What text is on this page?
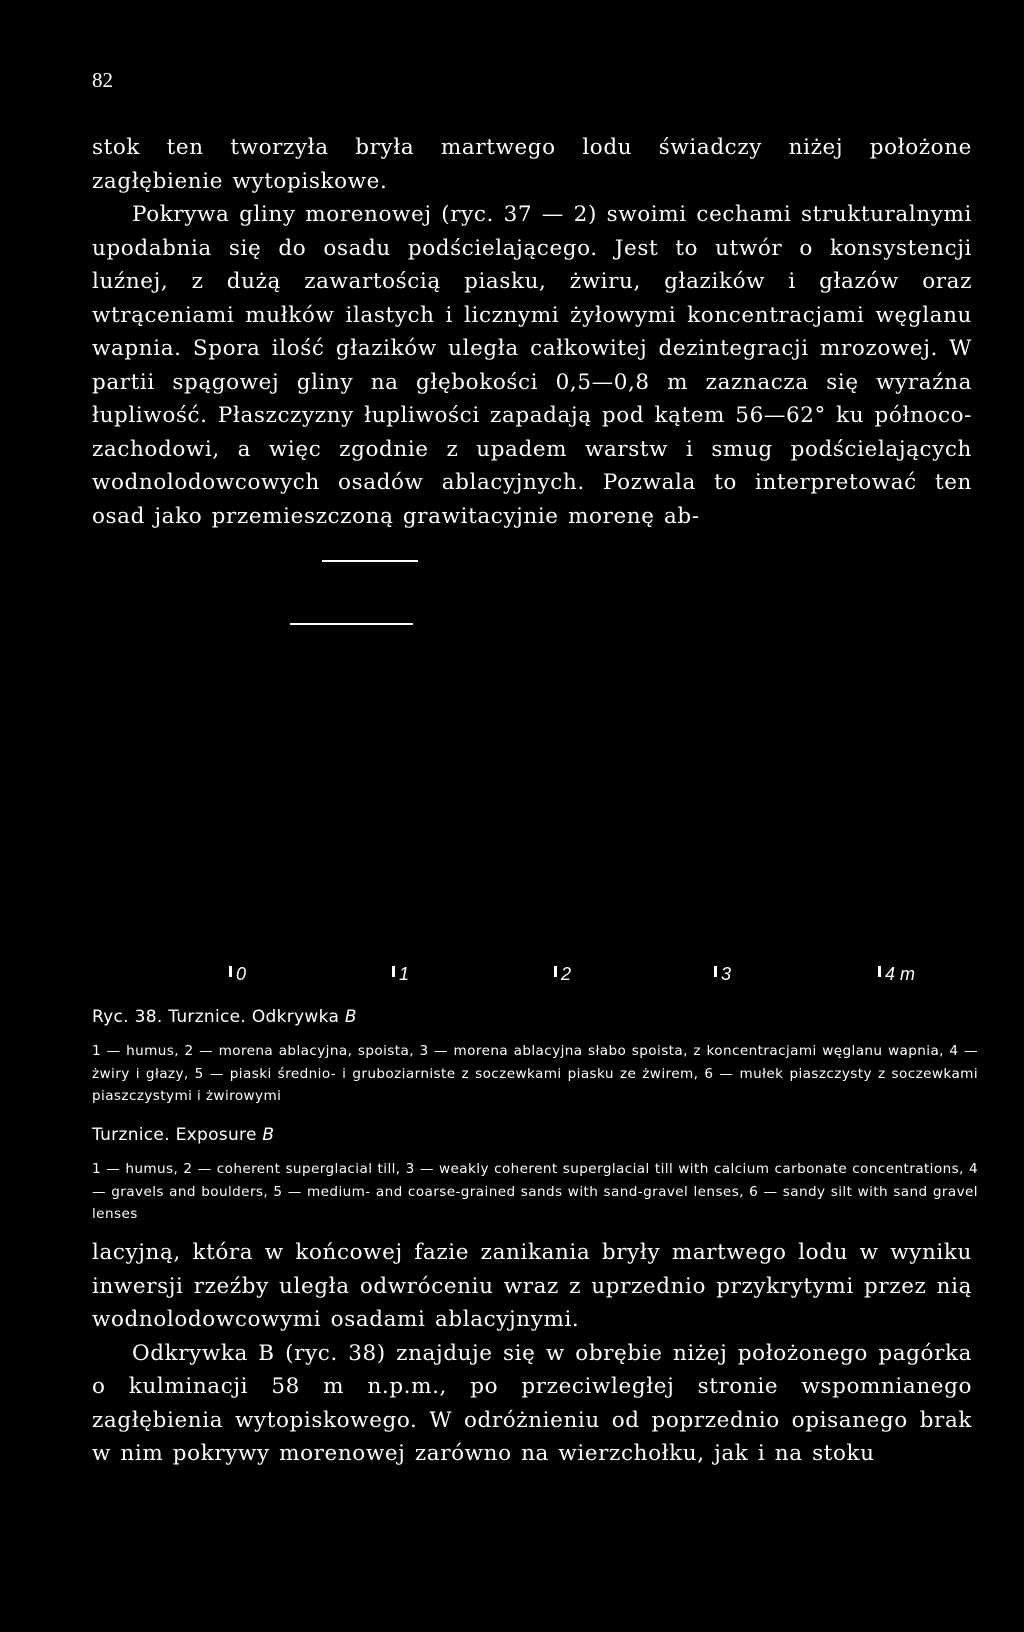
82

stok ten tworzyła bryła martwego lodu świadczy niżej położone zagłębienie wytopiskowe.

Pokrywa gliny morenowej (ryc. 37 — 2) swoimi cechami strukturalnymi upodabnia się do osadu podścielającego. Jest to utwór o konsystencji luźnej, z dużą zawartością piasku, żwiru, głazików i głazów oraz wtrąceniami mułków ilastych i licznymi żyłowymi koncentracjami węglanu wapnia. Spora ilość głazików uległa całkowitej dezintegracji mrozowej. W partii spągowej gliny na głębokości 0,5—0,8 m zaznacza się wyraźna łupliwość. Płaszczyzny łupliwości zapadają pod kątem 56—62° ku północo-zachodowi, a więc zgodnie z upadem warstw i smug podścielających wodnolodowcowych osadów ablacyjnych. Pozwala to interpretować ten osad jako przemieszczoną grawitacyjnie morenę ab-

0	1	2	3	4 m
Ryc. 38. Turznice. Odkrywka B
1 — humus, 2 — morena ablacyjna, spoista, 3 — morena ablacyjna słabo spoista, z koncentracjami węglanu wapnia, 4 — żwiry i głazy, 5 — piaski średnio- i gruboziarniste z soczewkami piasku ze żwirem, 6 — mułek piaszczysty z soczewkami piaszczystymi i żwirowymi
Turznice. Exposure B
1 — humus, 2 — coherent superglacial till, 3 — weakly coherent superglacial till with calcium carbonate concentrations, 4 — gravels and boulders, 5 — medium- and coarse-grained sands with sand-gravel lenses, 6 — sandy silt with sand gravel lenses

lacyjną, która w końcowej fazie zanikania bryły martwego lodu w wyniku inwersji rzeźby uległa odwróceniu wraz z uprzednio przykrytymi przez nią wodnolodowcowymi osadami ablacyjnymi.

Odkrywka B (ryc. 38) znajduje się w obrębie niżej położonego pagórka o kulminacji 58 m n.p.m., po przeciwległej stronie wspomnianego zagłębienia wytopiskowego. W odróżnieniu od poprzednio opisanego brak w nim pokrywy morenowej zarówno na wierzchołku, jak i na stoku
